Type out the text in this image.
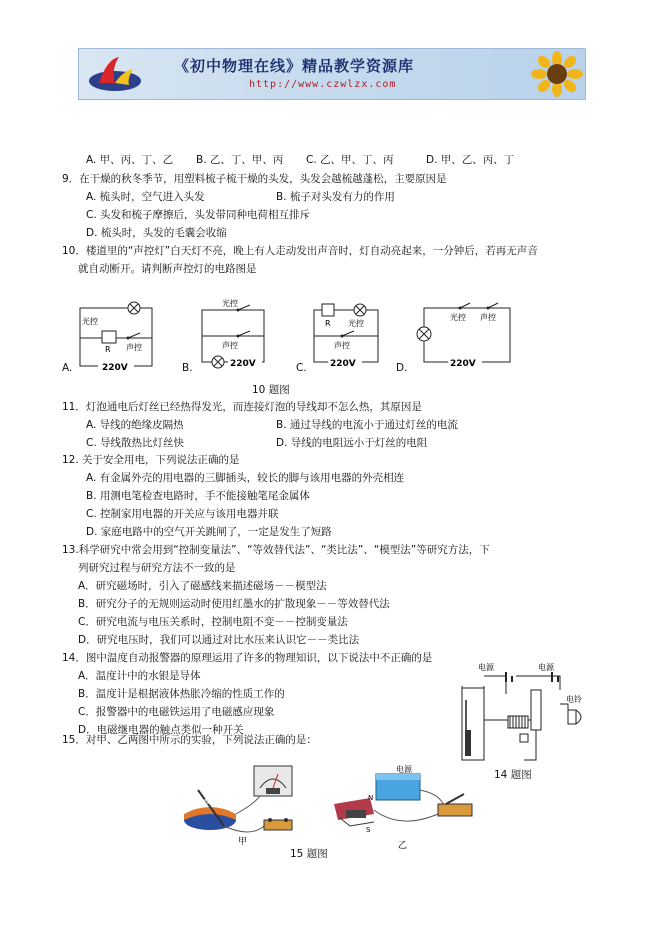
《初中物理在线》精品教学资源库
http://www.czwlzx.com
A. 甲、丙、丁、乙 B. 乙、丁、甲、丙 C. 乙、甲、丁、丙	D. 甲、乙、丙、丁
9．在干燥的秋冬季节，用塑料梳子梳干燥的头发，头发会越梳越蓬松，主要原因是
A. 梳头时，空气进入头发	B. 梳子对头发有力的作用
C. 头发和梳子摩擦后，头发带同种电荷相互排斥
D. 梳头时，头发的毛囊会收缩
10．楼道里的“声控灯”白天灯不亮，晚上有人走动发出声音时，灯自动亮起来，一分钟后，若再无声音
就自动断开。请判断声控灯的电路图是
光控
R 声控
220V
A.
光控
声控
220V
B.
R 光控
声控
220V
C.
光控 声控
220V
D.
10 题图
11．灯泡通电后灯丝已经热得发光，而连接灯泡的导线却不怎么热，其原因是
A. 导线的绝缘皮隔热	B. 通过导线的电流小于通过灯丝的电流
C. 导线散热比灯丝快	D. 导线的电阻远小于灯丝的电阻
12. 关于安全用电，下列说法正确的是
A. 有金属外壳的用电器的三脚插头，较长的脚与该用电器的外壳相连
B. 用测电笔检查电路时，手不能接触笔尾金属体
C. 控制家用电器的开关应与该用电器并联
D. 家庭电路中的空气开关跳闸了，一定是发生了短路
13.科学研究中常会用到“控制变量法”、“等效替代法”、“类比法”、“模型法”等研究方法，下
列研究过程与研究方法不一致的是
A．研究磁场时，引入了磁感线来描述磁场－－模型法
B．研究分子的无规则运动时使用红墨水的扩散现象－－等效替代法
C．研究电流与电压关系时，控制电阻不变－－控制变量法
D．研究电压时，我们可以通过对比水压来认识它－－类比法
14．图中温度自动报警器的原理运用了许多的物理知识，以下说法中不正确的是
A．温度计中的水银是导体
B．温度计是根据液体热胀冷缩的性质工作的
C．报警器中的电磁铁运用了电磁感应现象
D．电磁继电器的触点类似一种开关
电源	电源
电铃
15．对甲、乙两图中所示的实验，下列说法正确的是：
14 题图
N
甲
电源
N
S
乙
15 题图
